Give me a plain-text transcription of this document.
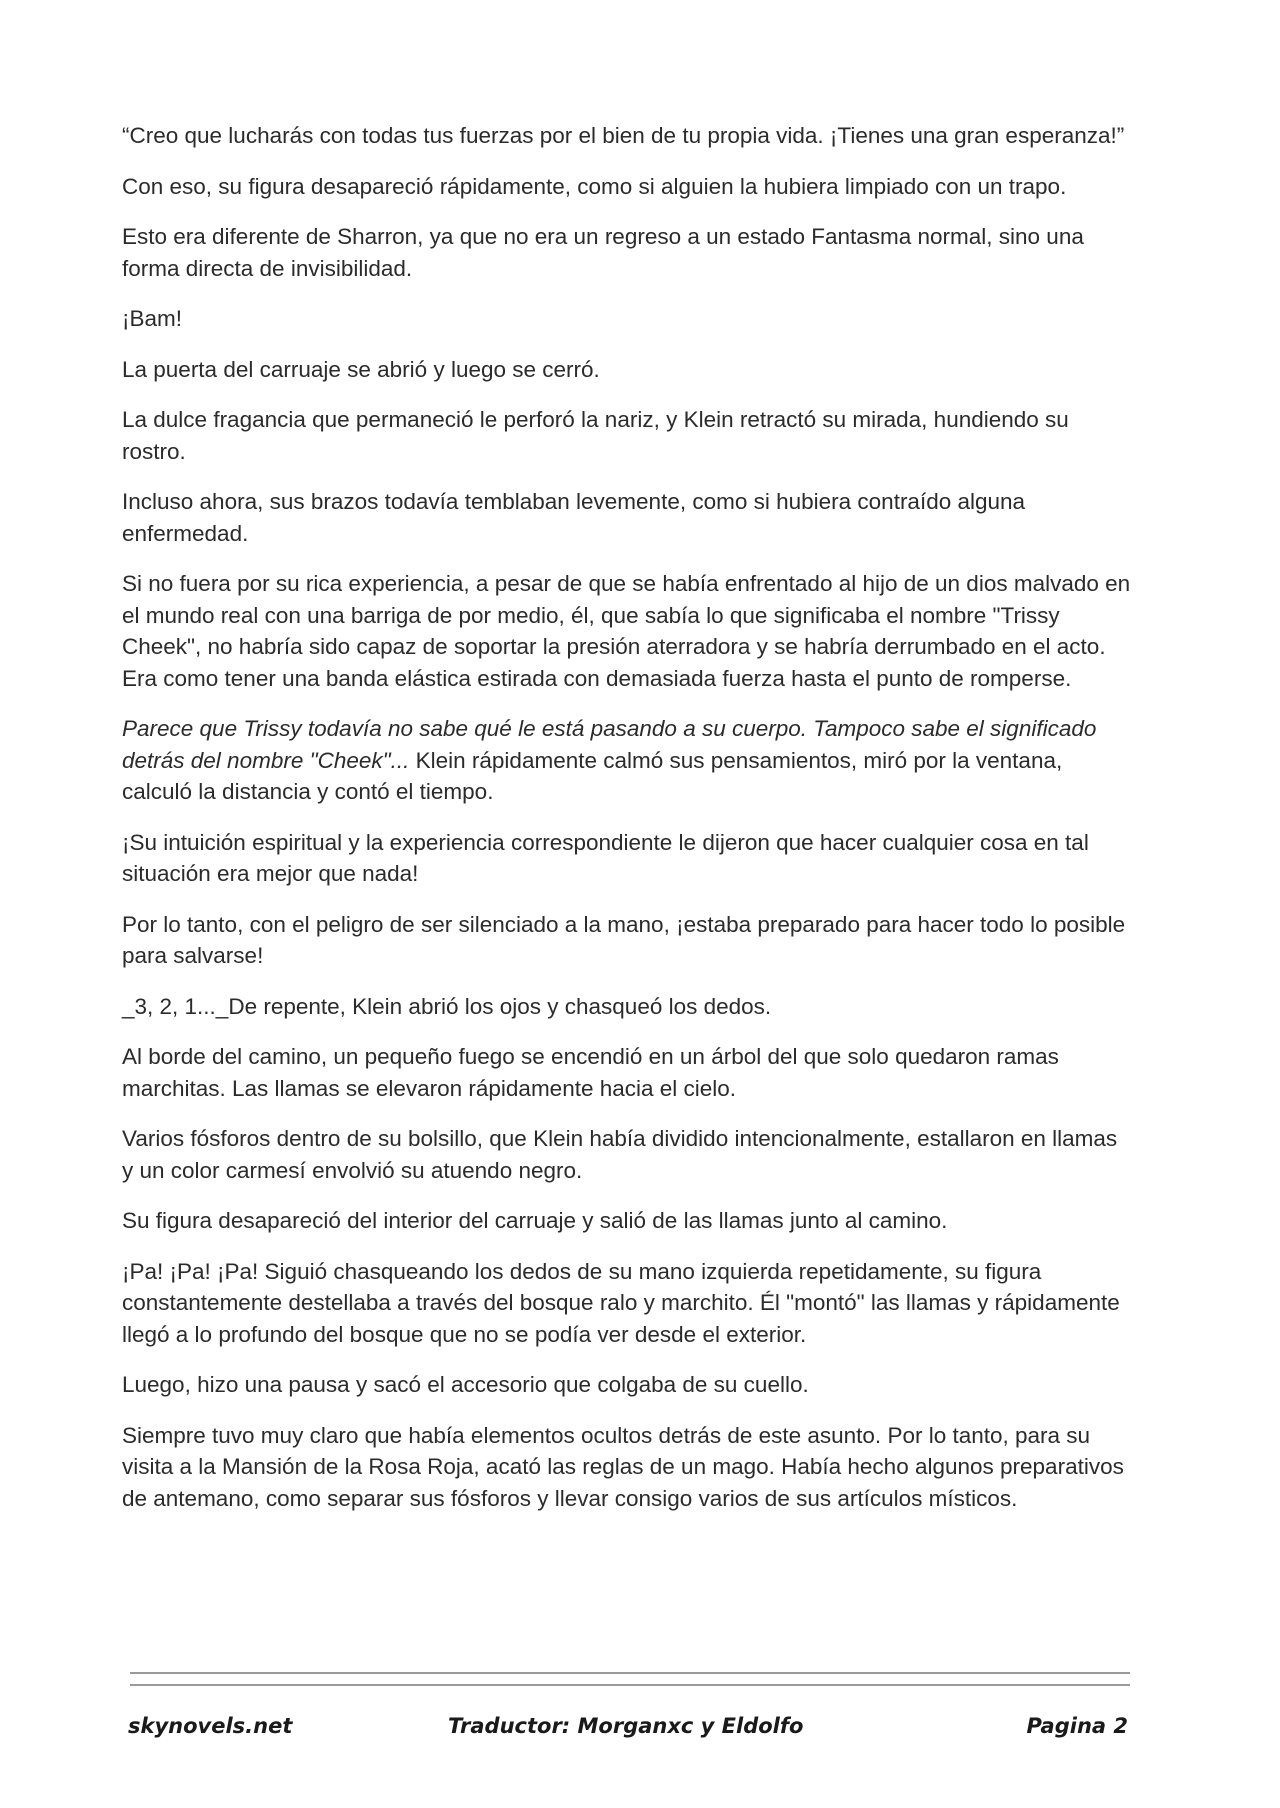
“Creo que lucharás con todas tus fuerzas por el bien de tu propia vida. ¡Tienes una gran esperanza!”

Con eso, su figura desapareció rápidamente, como si alguien la hubiera limpiado con un trapo.

Esto era diferente de Sharron, ya que no era un regreso a un estado Fantasma normal, sino una forma directa de invisibilidad.

¡Bam!

La puerta del carruaje se abrió y luego se cerró.

La dulce fragancia que permaneció le perforó la nariz, y Klein retractó su mirada, hundiendo su rostro.

Incluso ahora, sus brazos todavía temblaban levemente, como si hubiera contraído alguna enfermedad.

Si no fuera por su rica experiencia, a pesar de que se había enfrentado al hijo de un dios malvado en el mundo real con una barriga de por medio, él, que sabía lo que significaba el nombre "Trissy Cheek", no habría sido capaz de soportar la presión aterradora y se habría derrumbado en el acto. Era como tener una banda elástica estirada con demasiada fuerza hasta el punto de romperse.

Parece que Trissy todavía no sabe qué le está pasando a su cuerpo. Tampoco sabe el significado detrás del nombre "Cheek"... Klein rápidamente calmó sus pensamientos, miró por la ventana, calculó la distancia y contó el tiempo.

¡Su intuición espiritual y la experiencia correspondiente le dijeron que hacer cualquier cosa en tal situación era mejor que nada!

Por lo tanto, con el peligro de ser silenciado a la mano, ¡estaba preparado para hacer todo lo posible para salvarse!

_3, 2, 1..._De repente, Klein abrió los ojos y chasqueó los dedos.

Al borde del camino, un pequeño fuego se encendió en un árbol del que solo quedaron ramas marchitas. Las llamas se elevaron rápidamente hacia el cielo.

Varios fósforos dentro de su bolsillo, que Klein había dividido intencionalmente, estallaron en llamas y un color carmesí envolvió su atuendo negro.

Su figura desapareció del interior del carruaje y salió de las llamas junto al camino.

¡Pa! ¡Pa! ¡Pa! Siguió chasqueando los dedos de su mano izquierda repetidamente, su figura constantemente destellaba a través del bosque ralo y marchito. Él "montó" las llamas y rápidamente llegó a lo profundo del bosque que no se podía ver desde el exterior.

Luego, hizo una pausa y sacó el accesorio que colgaba de su cuello.

Siempre tuvo muy claro que había elementos ocultos detrás de este asunto. Por lo tanto, para su visita a la Mansión de la Rosa Roja, acató las reglas de un mago. Había hecho algunos preparativos de antemano, como separar sus fósforos y llevar consigo varios de sus artículos místicos.

skynovels.net	Traductor: Morganxc y Eldolfo	Pagina 2
